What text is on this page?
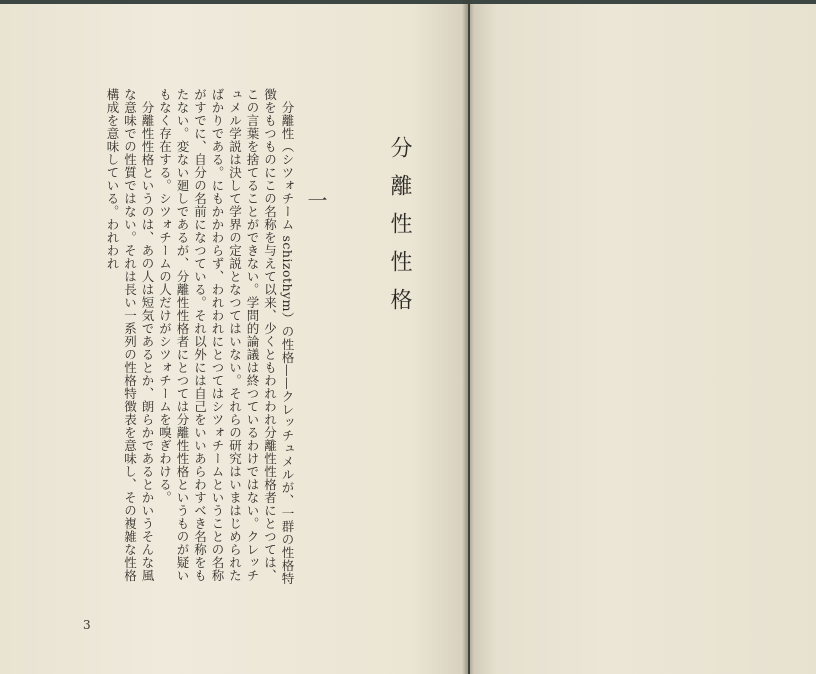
分離性性格
一

分離性（シツォチーム schizothym）の性格——クレッチュメルが、一群の性格特徴をもつものにこの名称を与えて以来、少くともわれわれ分離性性格者にとつては、この言葉を捨てることができない。学問的論議は終つているわけではない。クレッチュメル学説は決して学界の定説となつてはいない。それらの研究はいまはじめられたばかりである。にもかかわらず、われわれにとつてはシツォチームということの名称がすでに、自分の名前になつている。それ以外には自己をいいあらわすべき名称をもたない。変ない廻しであるが、分離性性格者にとつては分離性性格というものが疑いもなく存在する。シツォチームの人だけがシツォチームを嗅ぎわける。

分離性性格というのは、あの人は短気であるとか、朗らかであるとかいうそんな風な意味での性質ではない。それは長い一系列の性格特徴表を意味し、その複雑な性格構成を意味している。われわれ

3
